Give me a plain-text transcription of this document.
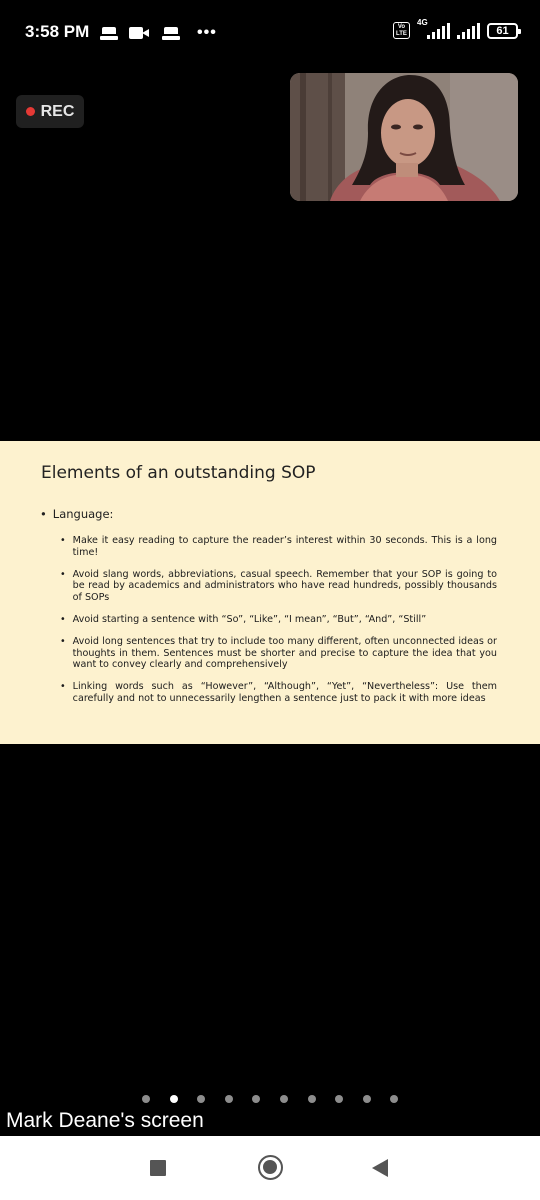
3:58 PM	•••	Vo LTE
4G
61
REC
Elements of an outstanding SOP
• Language:
• Make it easy reading to capture the reader’s interest within 30 seconds. This is a long time!
• Avoid slang words, abbreviations, casual speech. Remember that your SOP is going to be read by academics and administrators who have read hundreds, possibly thousands of SOPs
• Avoid starting a sentence with “So”, “Like”, “I mean”, “But”, “And”, “Still”
• Avoid long sentences that try to include too many different, often unconnected ideas or thoughts in them. Sentences must be shorter and precise to capture the idea that you want to convey clearly and comprehensively
• Linking words such as “However”, “Although”, “Yet”, “Nevertheless”: Use them carefully and not to unnecessarily lengthen a sentence just to pack it with more ideas
Mark Deane's screen
